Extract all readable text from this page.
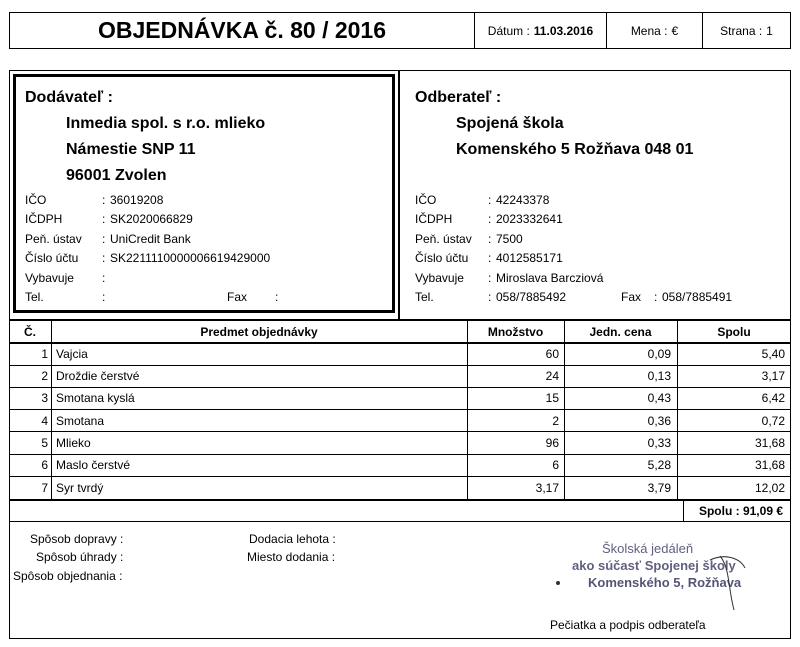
OBJEDNÁVKA č. 80 / 2016	Dátum : 11.03.2016	Mena : €	Strana : 1
Dodávateľ :
Inmedia spol. s r.o. mlieko
Námestie SNP 11
96001 Zvolen
IČO	: 36019208
IČDPH	: SK2020066829
Peň. ústav : UniCredit Bank
Číslo účtu : SK2211110000006619429000
Vybavuje :
Tel.	:	Fax :
Odberateľ :
Spojená škola
Komenského 5 Rožňava 048 01
IČO	: 42243378
IČDPH	: 2023332641
Peň. ústav : 7500
Číslo účtu : 4012585171
Vybavuje : Miroslava Barcziová
Tel.	: 058/7885492	Fax : 058/7885491
Č.	Predmet objednávky	Množstvo	Jedn. cena	Spolu
1 Vajcia	60	0,09	5,40
2 Droždie čerstvé	24	0,13	3,17
3 Smotana kyslá	15	0,43	6,42
4 Smotana	2	0,36	0,72
5 Mlieko	96	0,33	31,68
6 Maslo čerstvé	6	5,28	31,68
7 Syr tvrdý	3,17	3,79	12,02
Spolu : 91,09 €
Spôsob dopravy :
Spôsob úhrady :
Spôsob objednania :
Dodacia lehota :
Miesto dodania :
Školská jedáleň
ako súčasť Spojenej školy
Komenského 5, Rožňava
Pečiatka a podpis odberateľa
